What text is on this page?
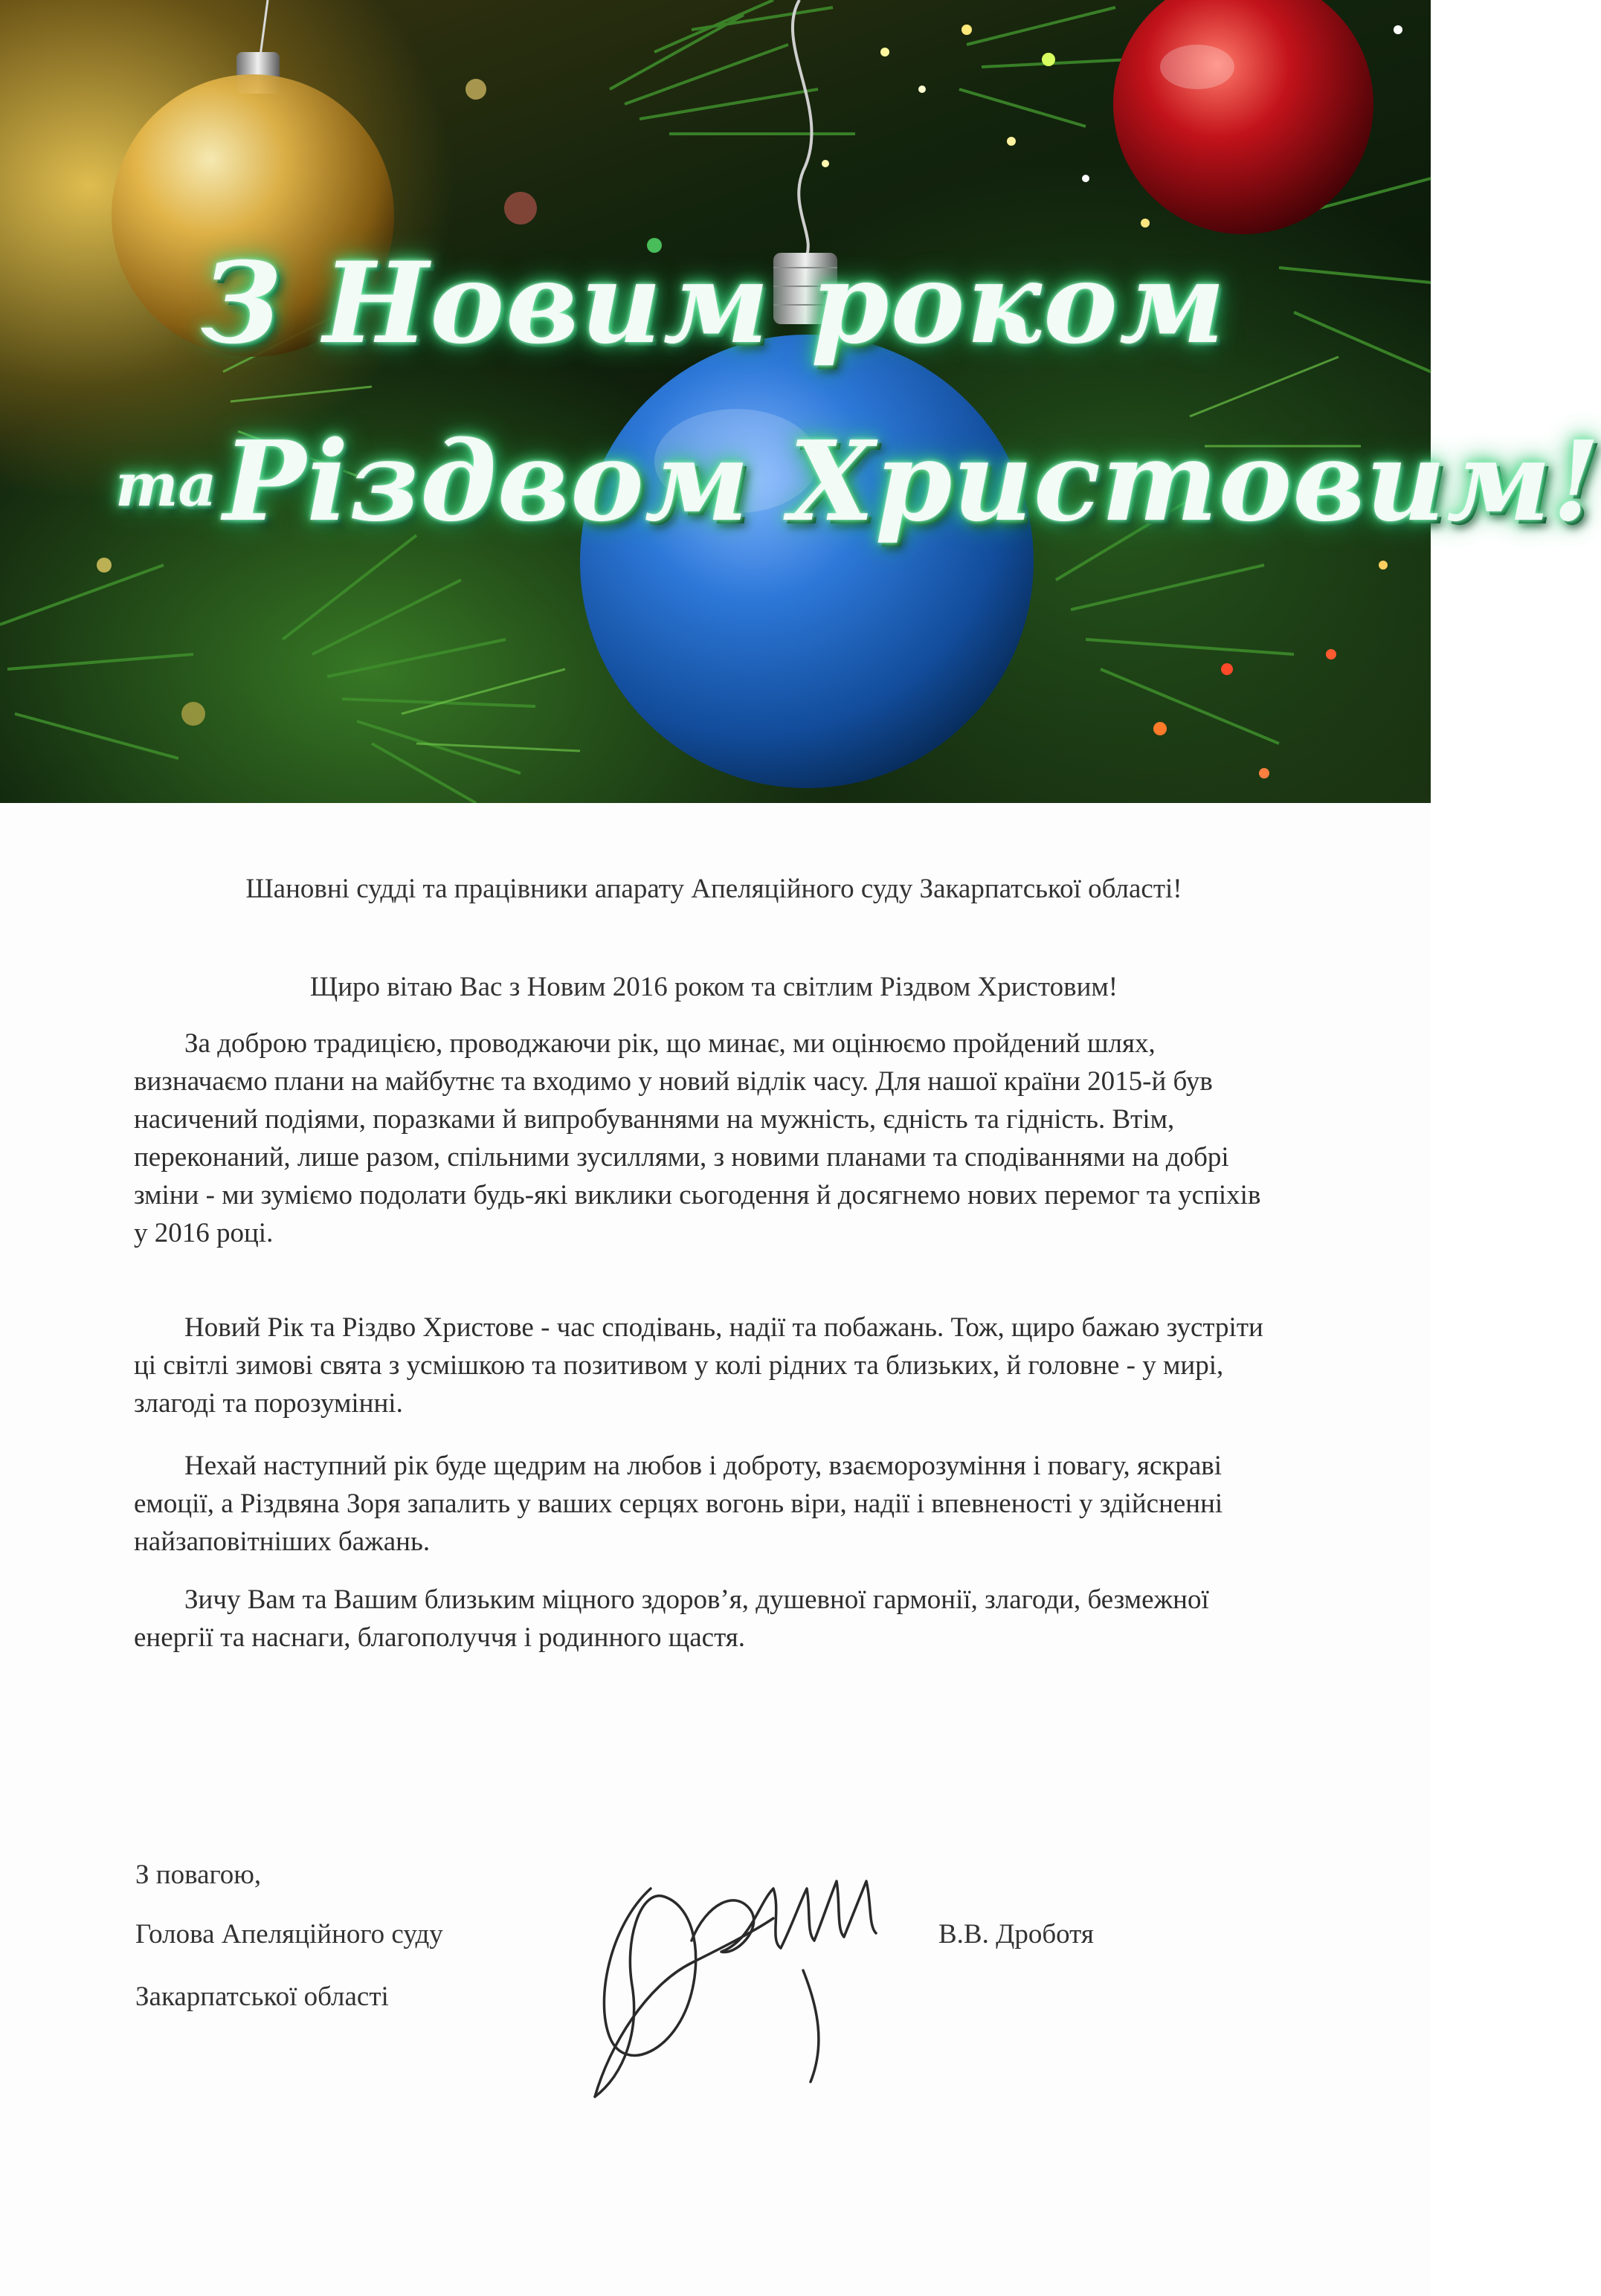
З Новим роком
та Різдвом Христовим!

Шановні судді та працівники апарату Апеляційного суду Закарпатської області!

Щиро вітаю Вас з Новим 2016 роком та світлим Різдвом Христовим!

За доброю традицією, проводжаючи рік, що минає, ми оцінюємо пройдений шлях, визначаємо плани на майбутнє та входимо у новий відлік часу. Для нашої країни 2015-й був насичений подіями, поразками й випробуваннями на мужність, єдність та гідність. Втім, переконаний, лише разом, спільними зусиллями, з новими планами та сподіваннями на добрі зміни - ми зуміємо подолати будь-які виклики сьогодення й досягнемо нових перемог та успіхів у 2016 році.

Новий Рік та Різдво Христове - час сподівань, надії та побажань. Тож, щиро бажаю зустріти ці світлі зимові свята з усмішкою та позитивом у колі рідних та близьких, й головне - у мирі, злагоді та порозумінні.

Нехай наступний рік буде щедрим на любов і доброту, взаєморозуміння і повагу, яскраві емоції, а Різдвяна Зоря запалить у ваших серцях вогонь віри, надії і впевненості у здійсненні найзаповітніших бажань.

Зичу Вам та Вашим близьким міцного здоров’я, душевної гармонії, злагоди, безмежної енергії та наснаги, благополуччя і родинного щастя.

З повагою,

Голова Апеляційного суду

Закарпатської області

В.В. Дроботя
